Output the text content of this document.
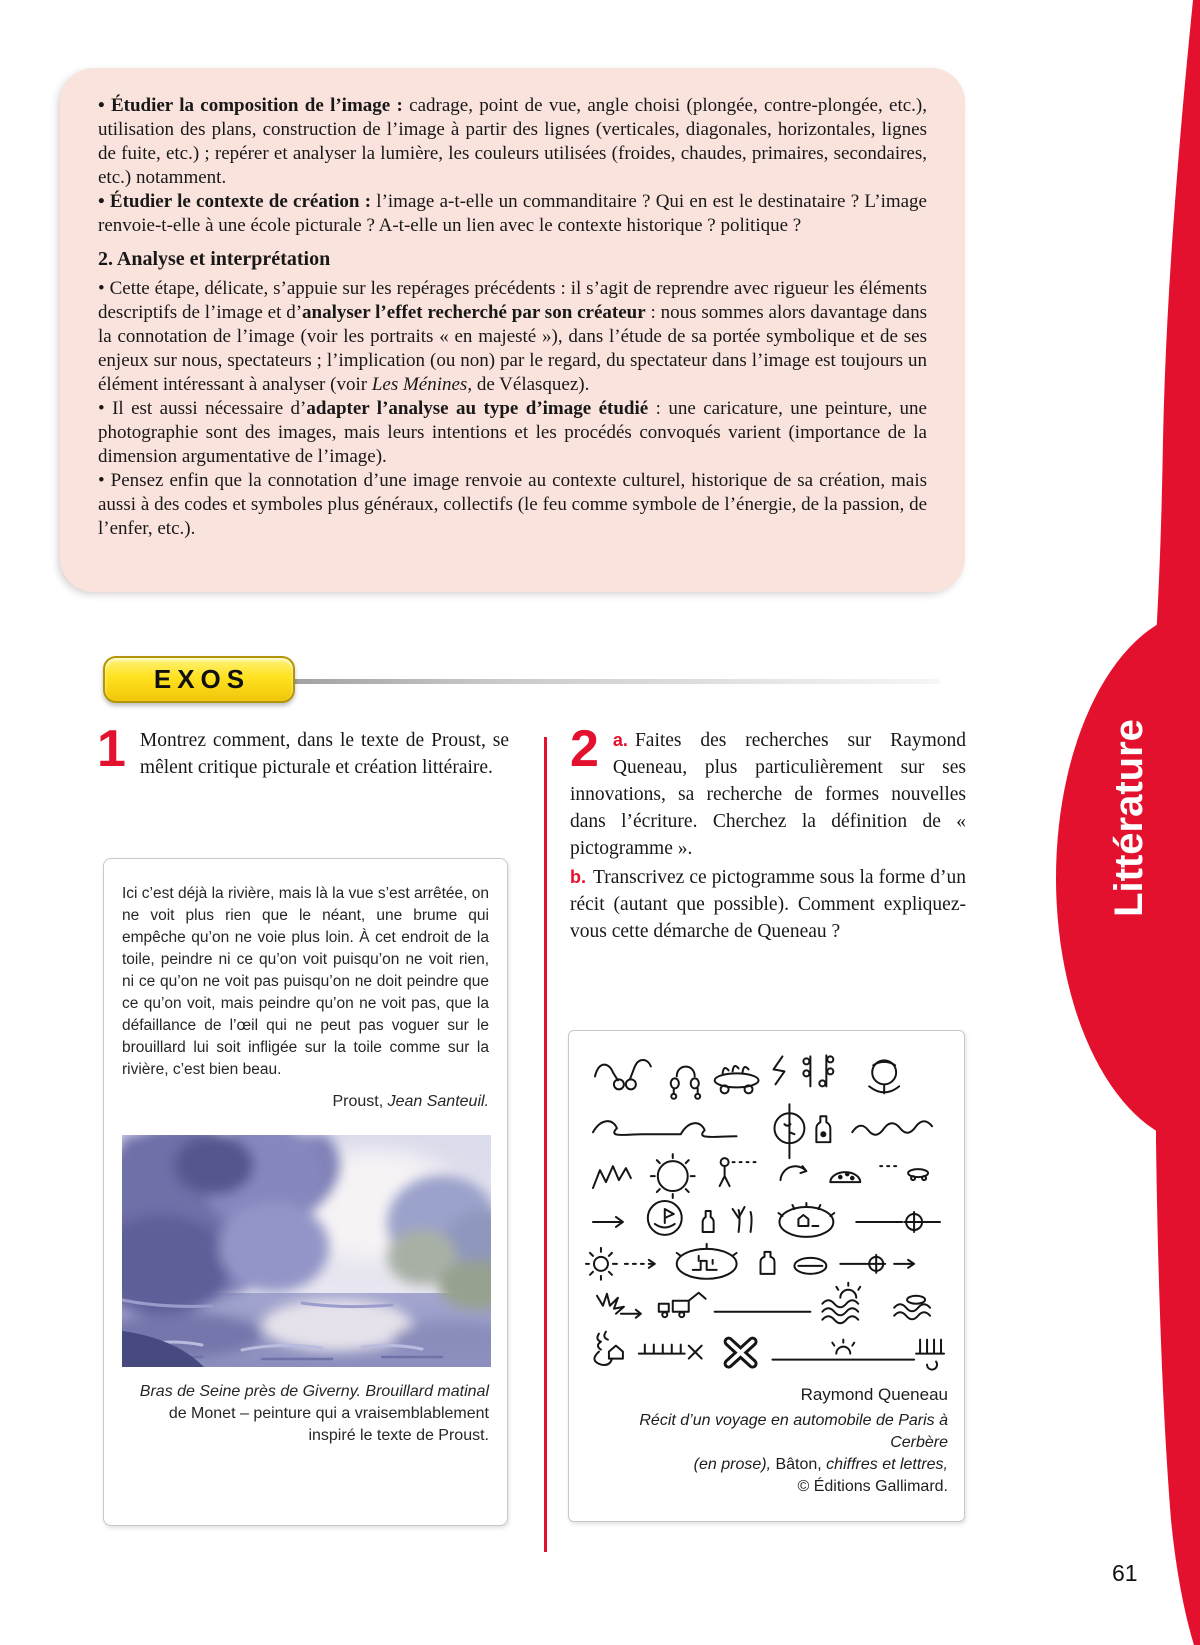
Littérature

• Étudier la composition de l’image : cadrage, point de vue, angle choisi (plongée, contre-plongée, etc.), utilisation des plans, construction de l’image à partir des lignes (verticales, diagonales, horizontales, lignes de fuite, etc.) ; repérer et analyser la lumière, les couleurs utilisées (froides, chaudes, primaires, secondaires, etc.) notamment.

• Étudier le contexte de création : l’image a-t-elle un commanditaire ? Qui en est le destinataire ? L’image renvoie-t-elle à une école picturale ? A-t-elle un lien avec le contexte historique ? politique ?

2. Analyse et interprétation

• Cette étape, délicate, s’appuie sur les repérages précédents : il s’agit de reprendre avec rigueur les éléments descriptifs de l’image et d’analyser l’effet recherché par son créateur : nous sommes alors davantage dans la connotation de l’image (voir les portraits « en majesté »), dans l’étude de sa portée symbolique et de ses enjeux sur nous, spectateurs ; l’implication (ou non) par le regard, du spectateur dans l’image est toujours un élément intéressant à analyser (voir Les Ménines, de Vélasquez).

• Il est aussi nécessaire d’adapter l’analyse au type d’image étudié : une caricature, une peinture, une photographie sont des images, mais leurs intentions et les procédés convoqués varient (importance de la dimension argumentative de l’image).

• Pensez enfin que la connotation d’une image renvoie au contexte culturel, historique de sa création, mais aussi à des codes et symboles plus généraux, collectifs (le feu comme symbole de l’énergie, de la passion, de l’enfer, etc.).

EXOS
1 Montrez comment, dans le texte de Proust, se mêlent critique picturale et création littéraire.

Ici c’est déjà la rivière, mais là la vue s’est arrêtée, on ne voit plus rien que le néant, une brume qui empêche qu’on ne voie plus loin. À cet endroit de la toile, peindre ni ce qu’on voit puisqu’on ne voit rien, ni ce qu’on ne voit pas puisqu’on ne doit peindre que ce qu’on voit, mais peindre qu’on ne voit pas, que la défaillance de l’œil qui ne peut pas voguer sur le brouillard lui soit infligée sur la toile comme sur la rivière, c’est bien beau.

Proust, Jean Santeuil.

Bras de Seine près de Giverny. Brouillard matinal de Monet – peinture qui a vraisemblablement inspiré le texte de Proust.

2 a. Faites des recherches sur Raymond Queneau, plus particulièrement sur ses innovations, sa recherche de formes nouvelles dans l’écriture. Cherchez la définition de « pictogramme ».

b. Transcrivez ce pictogramme sous la forme d’un récit (autant que possible). Comment expliquez-vous cette démarche de Queneau ?

Raymond Queneau

Récit d’un voyage en automobile de Paris à Cerbère
(en prose), Bâton, chiffres et lettres,
© Éditions Gallimard.

61
